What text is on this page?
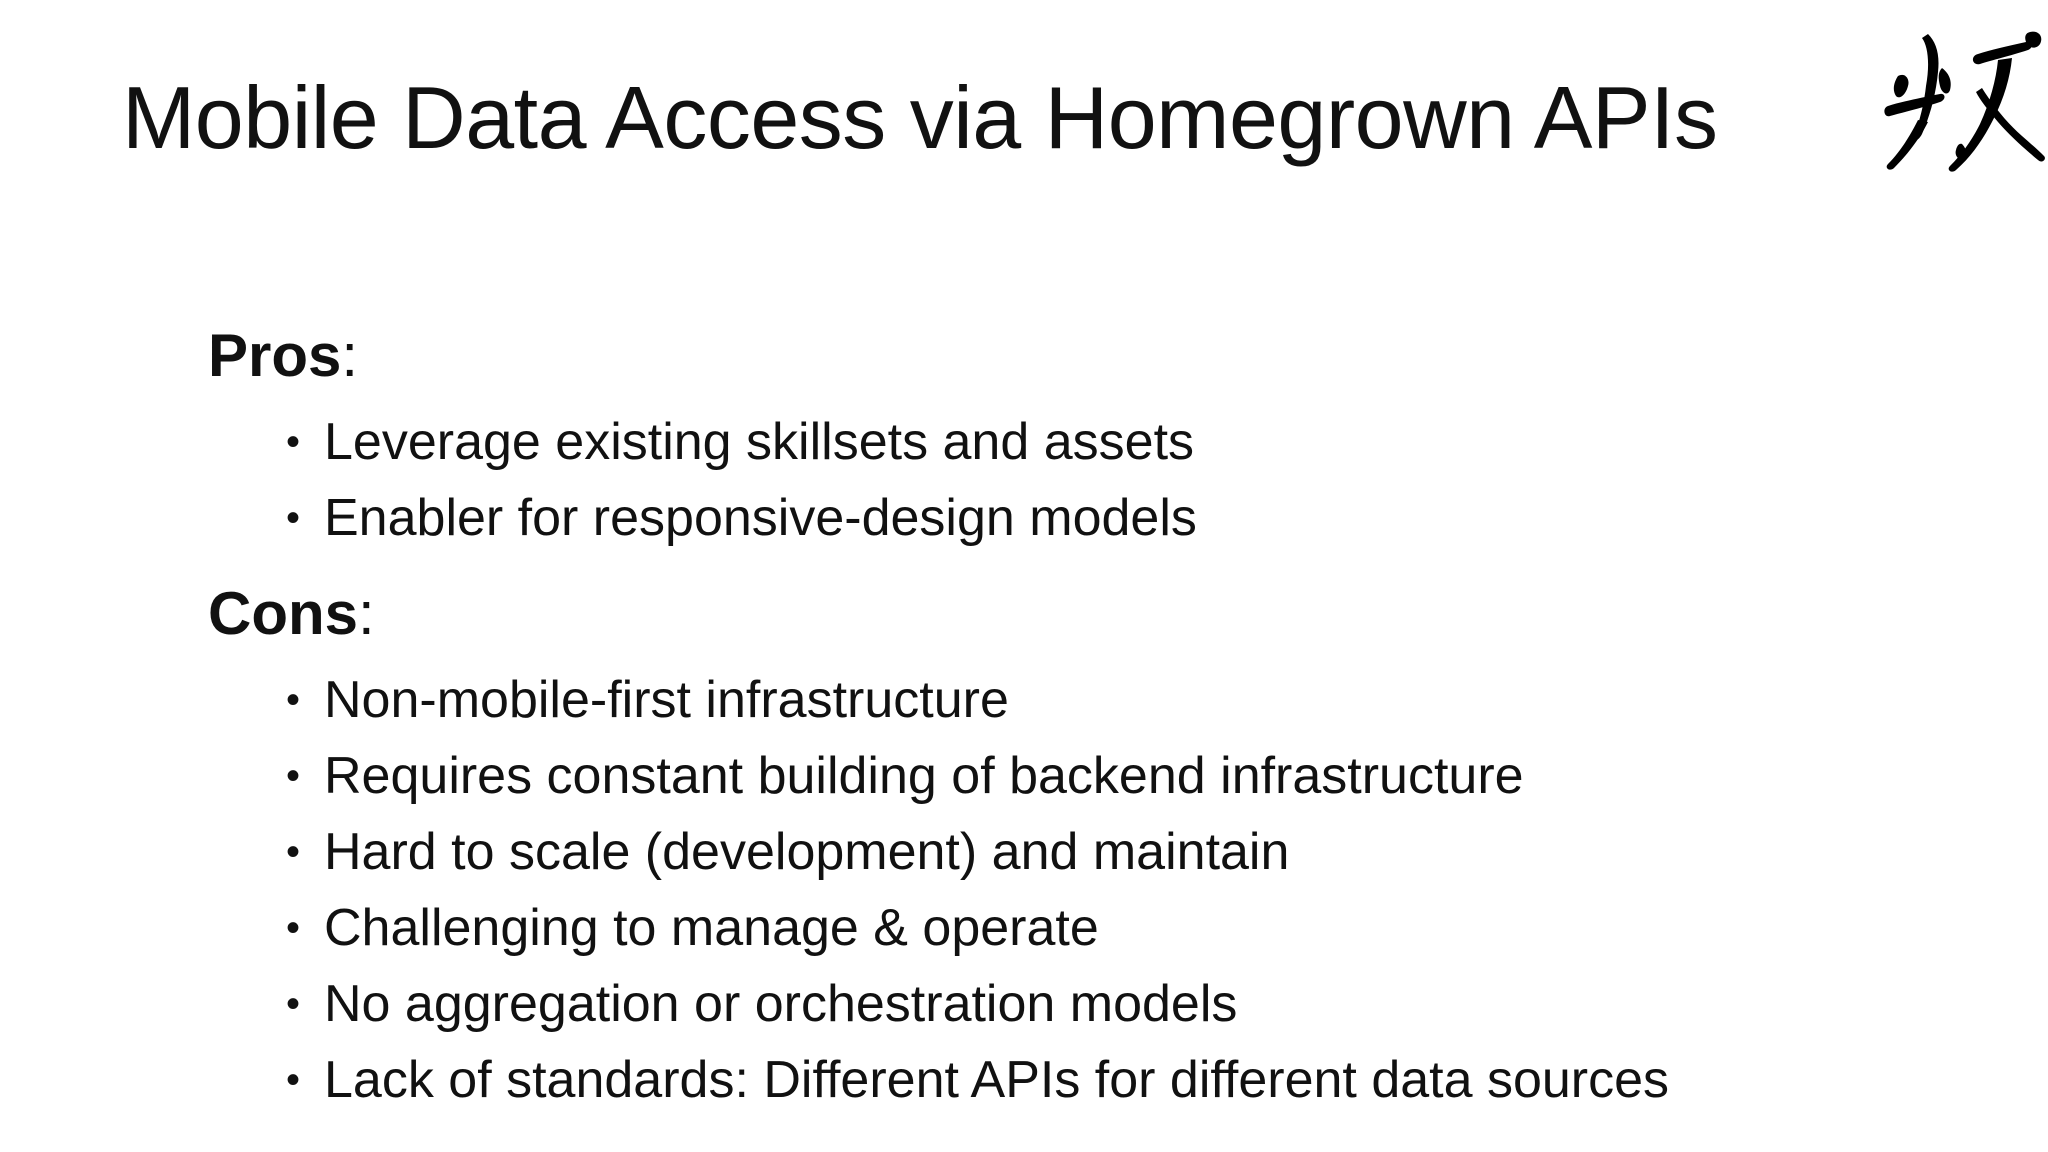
Mobile Data Access via Homegrown APIs
Pros:
• Leverage existing skillsets and assets
• Enabler for responsive-design models
Cons:
• Non-mobile-first infrastructure
• Requires constant building of backend infrastructure
• Hard to scale (development) and maintain
• Challenging to manage & operate
• No aggregation or orchestration models
• Lack of standards: Different APIs for different data sources
